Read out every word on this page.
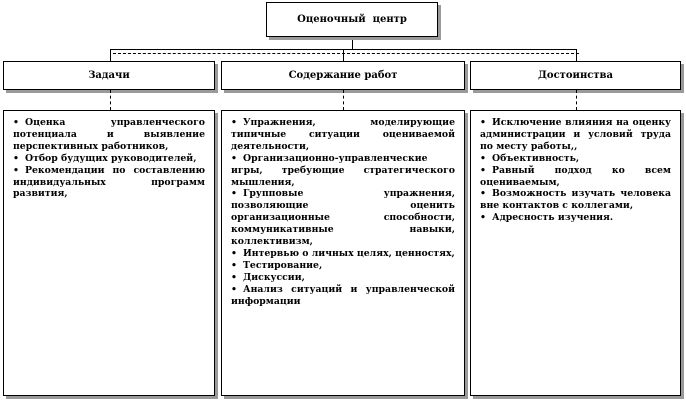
Оценочный  центр
Задачи	Содержание работ	Достоинства
• Оценка управленческого потенциала и выявление перспективных работников,
• Отбор будущих руководителей,
• Рекомендации по составлению индивидуальных программ развития,
• Упражнения, моделирующие типичные ситуации оцениваемой деятельности,
• Организационно-управленческие игры, требующие стратегического мышления,
• Групповые упражнения, позволяющие оценить организационные способности, коммуникативные навыки, коллективизм,
• Интервью о личных целях, ценностях,
• Тестирование,
• Дискуссии,
• Анализ ситуаций и управленческой информации
• Исключение влияния на оценку администрации и условий труда по месту работы,,
• Объективность,
• Равный подход ко всем оцениваемым,
• Возможность изучать человека вне контактов с коллегами,
• Адресность изучения.
